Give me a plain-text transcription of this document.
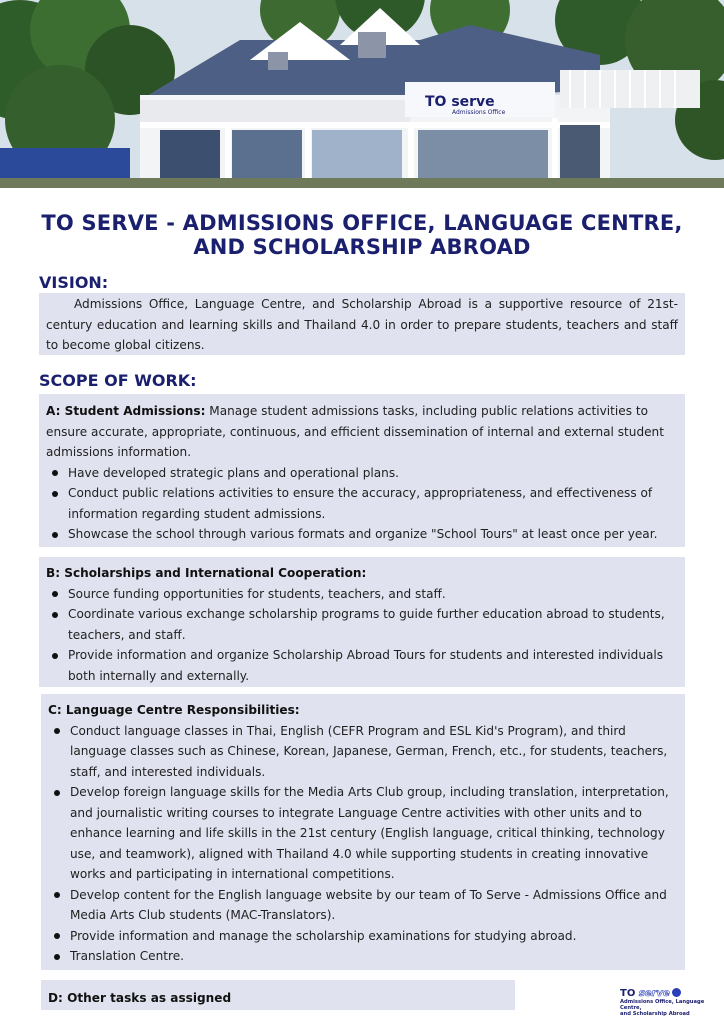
TO serve
Admissions Office
TO SERVE - ADMISSIONS OFFICE, LANGUAGE CENTRE,
AND SCHOLARSHIP ABROAD
VISION:

Admissions Office, Language Centre, and Scholarship Abroad is a supportive resource of 21st-century education and learning skills and Thailand 4.0 in order to prepare students, teachers and staff to become global citizens.

SCOPE OF WORK:
A: Student Admissions: Manage student admissions tasks, including public relations activities to ensure accurate, appropriate, continuous, and efficient dissemination of internal and external student admissions information.
Have developed strategic plans and operational plans.
Conduct public relations activities to ensure the accuracy, appropriateness, and effectiveness of information regarding student admissions.
Showcase the school through various formats and organize "School Tours" at least once per year.
B: Scholarships and International Cooperation:
Source funding opportunities for students, teachers, and staff.
Coordinate various exchange scholarship programs to guide further education abroad to students, teachers, and staff.
Provide information and organize Scholarship Abroad Tours for students and interested individuals both internally and externally.
C: Language Centre Responsibilities:
Conduct language classes in Thai, English (CEFR Program and ESL Kid's Program), and third language classes such as Chinese, Korean, Japanese, German, French, etc., for students, teachers, staff, and interested individuals.
Develop foreign language skills for the Media Arts Club group, including translation, interpretation, and journalistic writing courses to integrate Language Centre activities with other units and to enhance learning and life skills in the 21st century (English language, critical thinking, technology use, and teamwork), aligned with Thailand 4.0 while supporting students in creating innovative works and participating in international competitions.
Develop content for the English language website by our team of To Serve - Admissions Office and Media Arts Club students (MAC-Translators).
Provide information and manage the scholarship examinations for studying abroad.
Translation Centre.
D: Other tasks as assigned	TO serve
Admissions Office, Language Centre,
and Scholarship Abroad
